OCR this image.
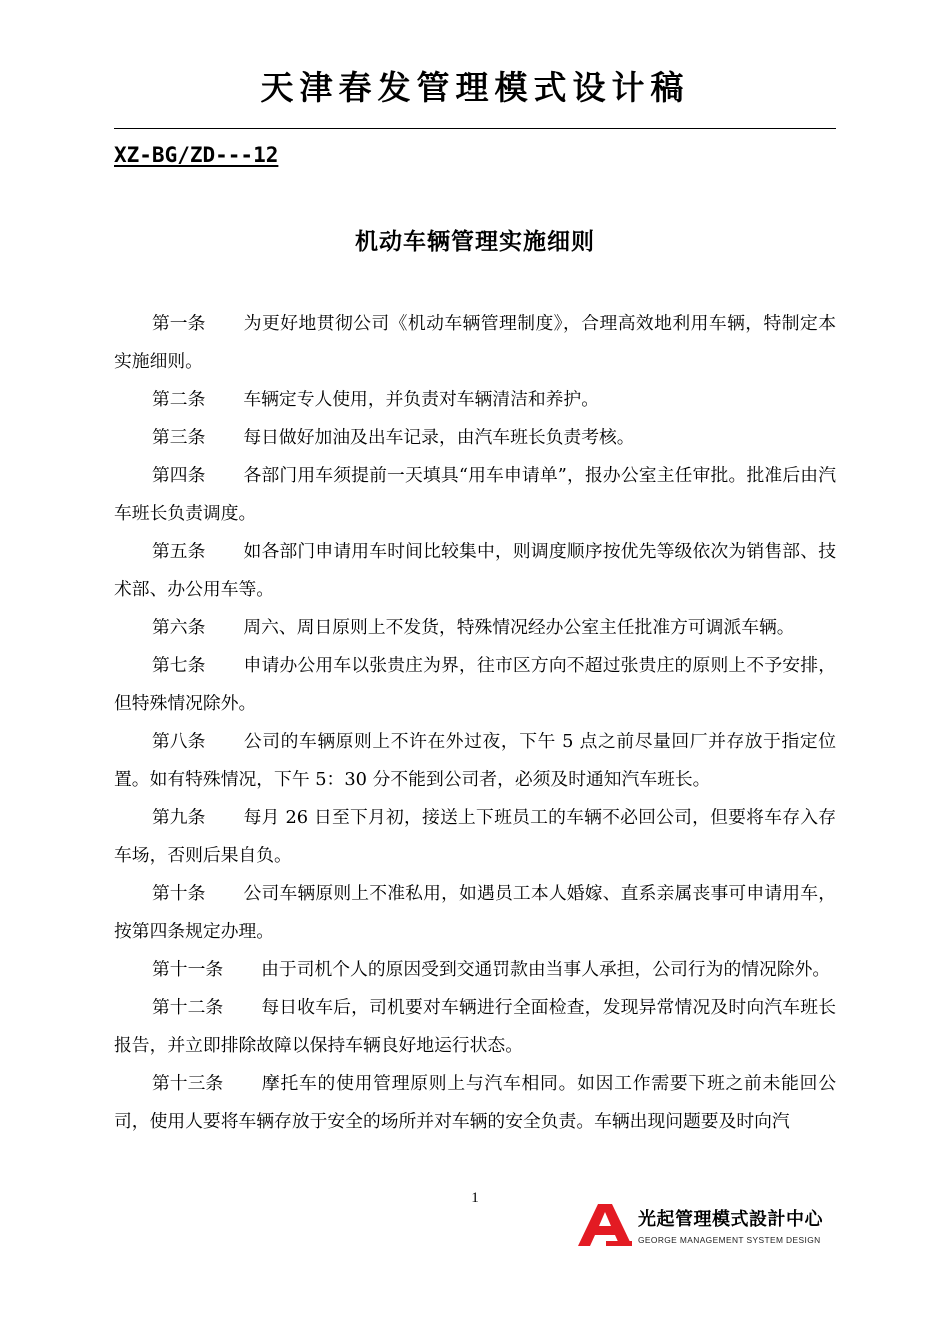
天津春发管理模式设计稿
XZ-BG/ZD---12
机动车辆管理实施细则

第一条 为更好地贯彻公司《机动车辆管理制度》，合理高效地利用车辆，特制定本实施细则。

第二条 车辆定专人使用，并负责对车辆清洁和养护。

第三条 每日做好加油及出车记录，由汽车班长负责考核。

第四条 各部门用车须提前一天填具“用车申请单”，报办公室主任审批。批准后由汽车班长负责调度。

第五条 如各部门申请用车时间比较集中，则调度顺序按优先等级依次为销售部、技术部、办公用车等。

第六条 周六、周日原则上不发货，特殊情况经办公室主任批准方可调派车辆。

第七条 申请办公用车以张贵庄为界，往市区方向不超过张贵庄的原则上不予安排，但特殊情况除外。

第八条 公司的车辆原则上不许在外过夜，下午 5 点之前尽量回厂并存放于指定位置。如有特殊情况，下午 5：30 分不能到公司者，必须及时通知汽车班长。

第九条 每月 26 日至下月初，接送上下班员工的车辆不必回公司，但要将车存入存车场，否则后果自负。

第十条 公司车辆原则上不准私用，如遇员工本人婚嫁、直系亲属丧事可申请用车，按第四条规定办理。

第十一条 由于司机个人的原因受到交通罚款由当事人承担，公司行为的情况除外。

第十二条 每日收车后，司机要对车辆进行全面检查，发现异常情况及时向汽车班长报告，并立即排除故障以保持车辆良好地运行状态。

第十三条 摩托车的使用管理原则上与汽车相同。如因工作需要下班之前未能回公司，使用人要将车辆存放于安全的场所并对车辆的安全负责。车辆出现问题要及时向汽

1
光起管理模式設計中心
GEORGE MANAGEMENT SYSTEM DESIGN
